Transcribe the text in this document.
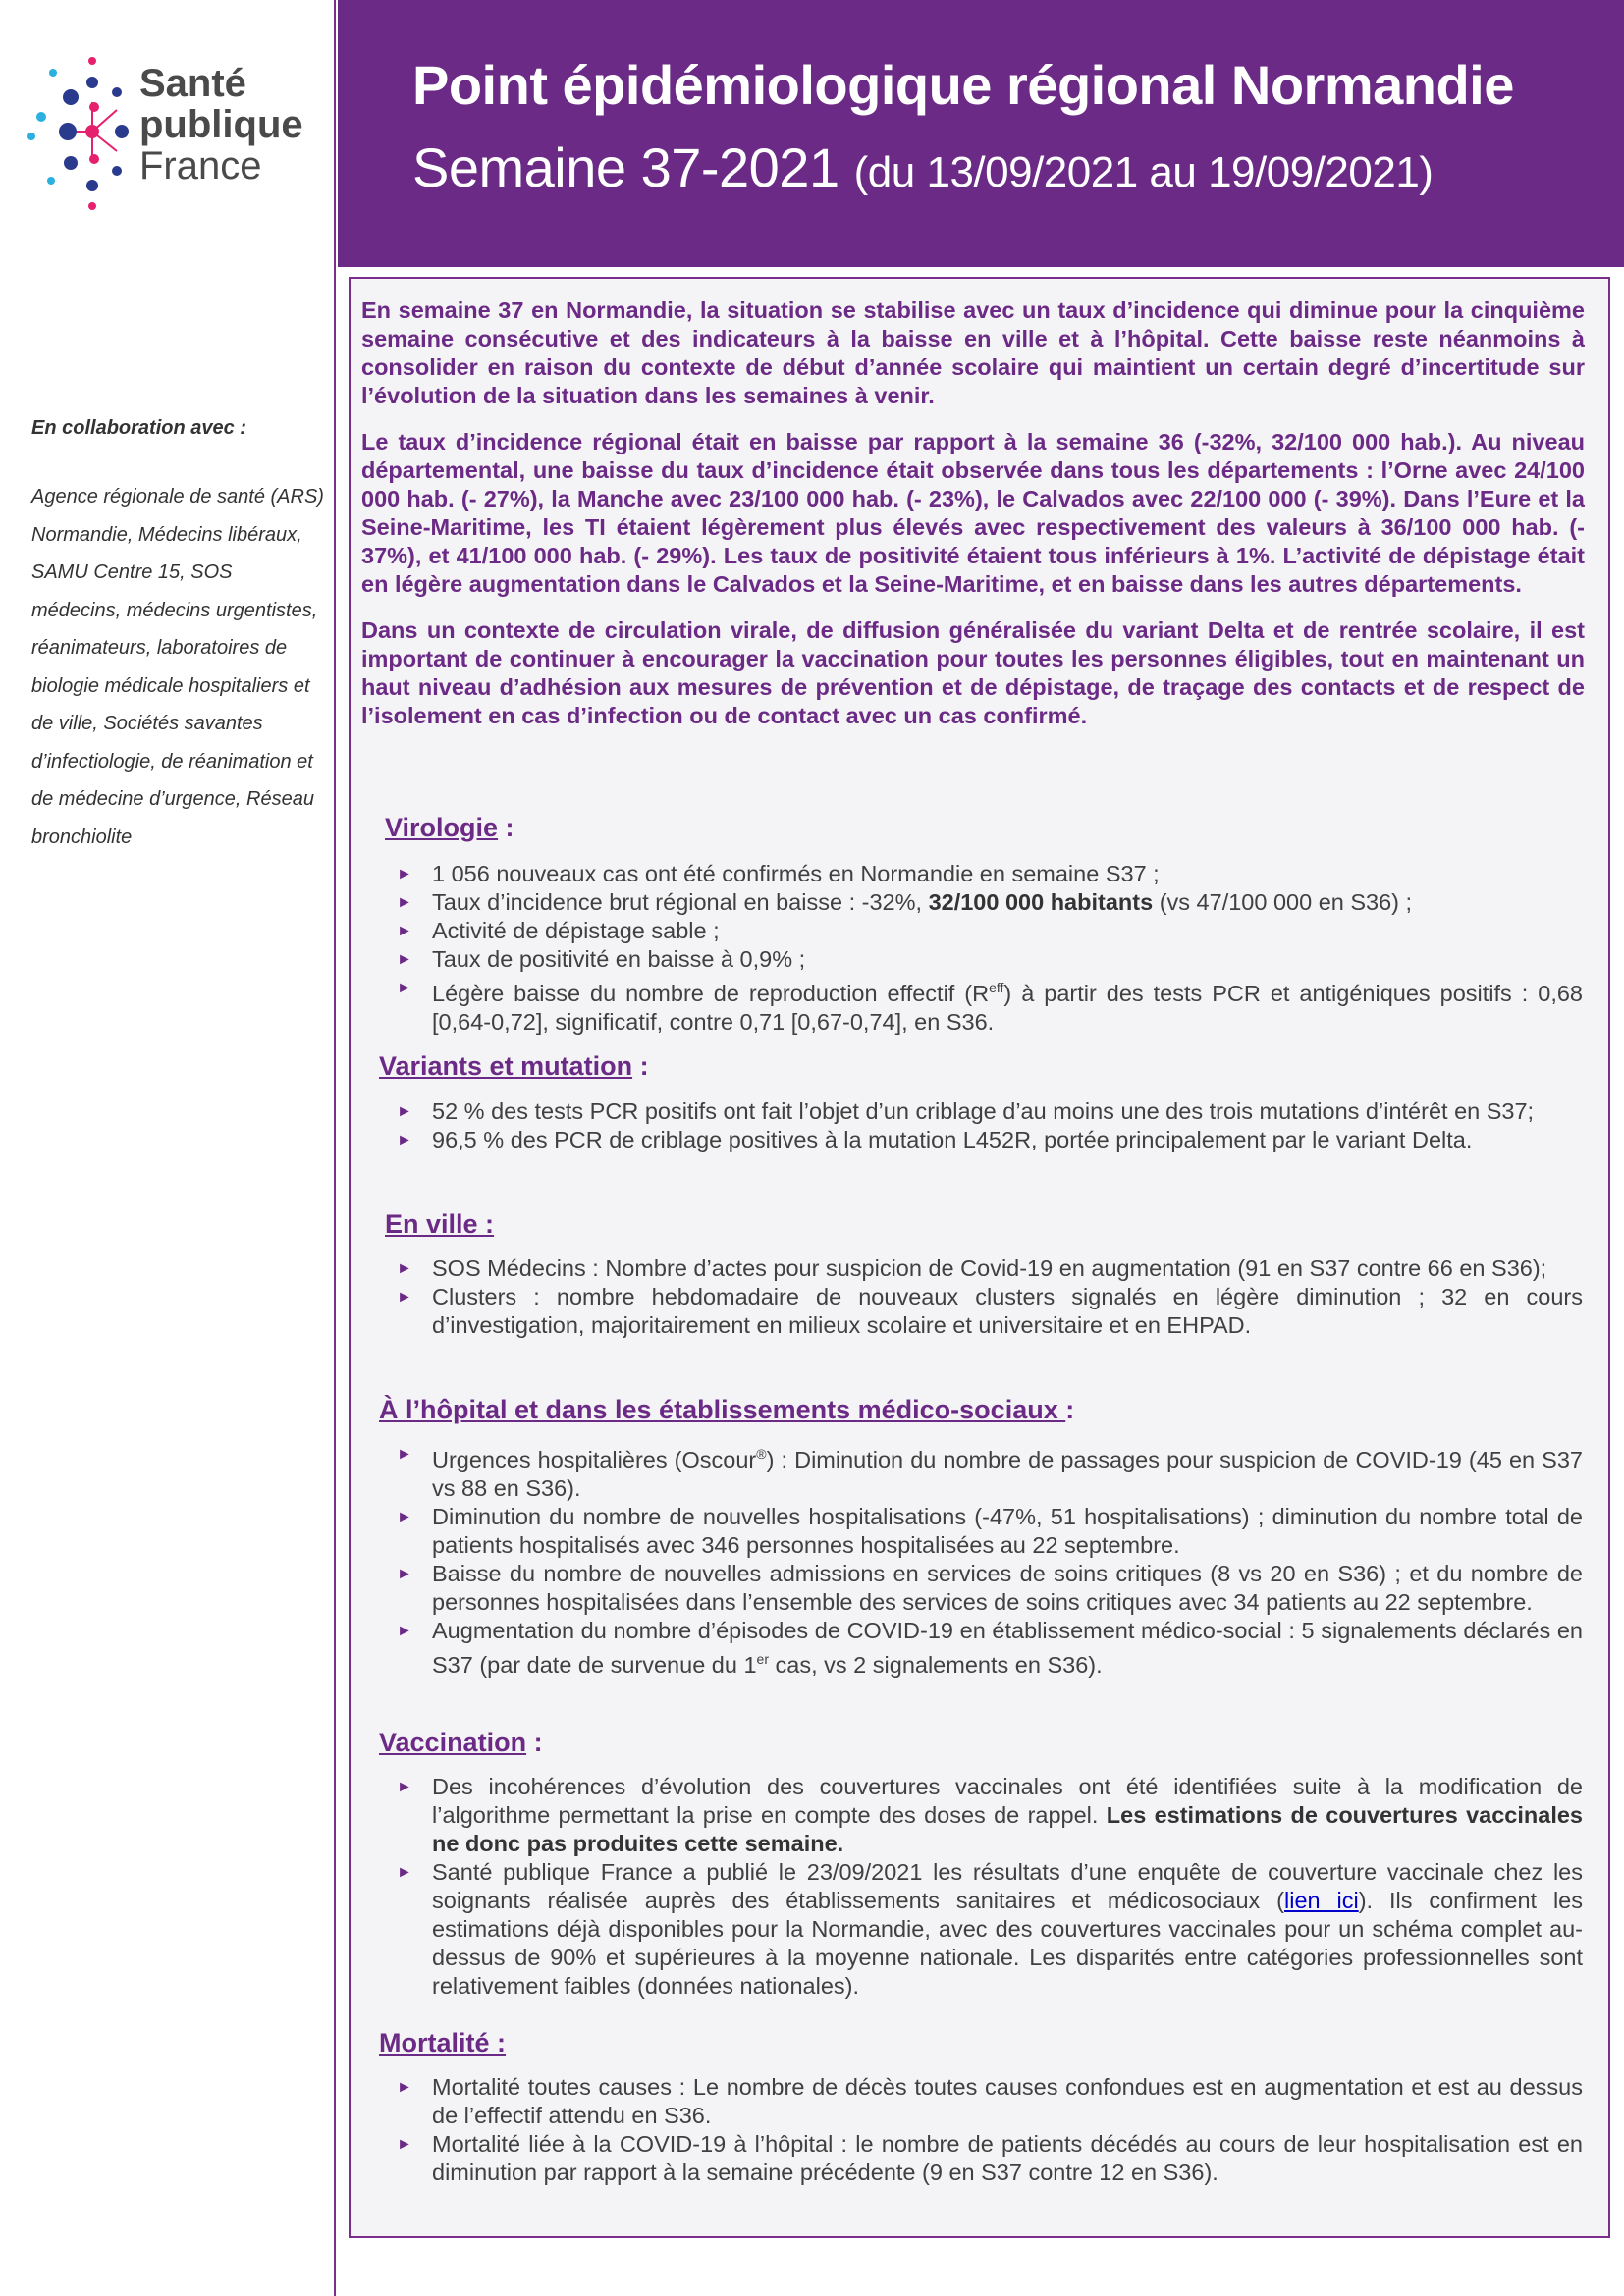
Santé
publique
France
En collaboration avec :
Agence régionale de santé (ARS) Normandie, Médecins libéraux, SAMU Centre 15, SOS médecins, médecins urgentistes, réanimateurs, laboratoires de biologie médicale hospitaliers et de ville, Sociétés savantes d’infectiologie, de réanimation et de médecine d’urgence, Réseau bronchiolite
Point épidémiologique régional Normandie
Semaine 37-2021 (du 13/09/2021 au 19/09/2021)

En semaine 37 en Normandie, la situation se stabilise avec un taux d’incidence qui diminue pour la cinquième semaine consécutive et des indicateurs à la baisse en ville et à l’hôpital. Cette baisse reste néanmoins à consolider en raison du contexte de début d’année scolaire qui maintient un certain degré d’incertitude sur l’évolution de la situation dans les semaines à venir.

Le taux d’incidence régional était en baisse par rapport à la semaine 36 (-32%, 32/100 000 hab.). Au niveau départemental, une baisse du taux d’incidence était observée dans tous les départements : l’Orne avec 24/100 000 hab. (- 27%), la Manche avec 23/100 000 hab. (- 23%), le Calvados avec 22/100 000 (- 39%). Dans l’Eure et la Seine-Maritime, les TI étaient légèrement plus élevés avec respectivement des valeurs à 36/100 000 hab. (- 37%), et 41/100 000 hab. (- 29%). Les taux de positivité étaient tous inférieurs à 1%. L’activité de dépistage était en légère augmentation dans le Calvados et la Seine-Maritime, et en baisse dans les autres départements.

Dans un contexte de circulation virale, de diffusion généralisée du variant Delta et de rentrée scolaire, il est important de continuer à encourager la vaccination pour toutes les personnes éligibles, tout en maintenant un haut niveau d’adhésion aux mesures de prévention et de dépistage, de traçage des contacts et de respect de l’isolement en cas d’infection ou de contact avec un cas confirmé.

Virologie :
► 1 056 nouveaux cas ont été confirmés en Normandie en semaine S37 ;
► Taux d’incidence brut régional en baisse : -32%, 32/100 000 habitants (vs 47/100 000 en S36) ;
► Activité de dépistage sable ;
► Taux de positivité en baisse à 0,9% ;
► Légère baisse du nombre de reproduction effectif $(R^{eff})$ à partir des tests PCR et antigéniques positifs : 0,68 [0,64-0,72], significatif, contre 0,71 [0,67-0,74], en S36.
Variants et mutation :
► 52 % des tests PCR positifs ont fait l’objet d’un criblage d’au moins une des trois mutations d’intérêt en S37;
► 96,5 % des PCR de criblage positives à la mutation L452R, portée principalement par le variant Delta.
En ville :
► SOS Médecins : Nombre d’actes pour suspicion de Covid-19 en augmentation (91 en S37 contre 66 en S36);
► Clusters : nombre hebdomadaire de nouveaux clusters signalés en légère diminution ; 32 en cours d’investigation, majoritairement en milieux scolaire et universitaire et en EHPAD.
À l’hôpital et dans les établissements médico-sociaux :
► Urgences hospitalières (Oscour®) : Diminution du nombre de passages pour suspicion de COVID-19 (45 en S37 vs 88 en S36).
► Diminution du nombre de nouvelles hospitalisations (-47%, 51 hospitalisations) ; diminution du nombre total de patients hospitalisés avec 346 personnes hospitalisées au 22 septembre.
► Baisse du nombre de nouvelles admissions en services de soins critiques (8 vs 20 en S36) ; et du nombre de personnes hospitalisées dans l’ensemble des services de soins critiques avec 34 patients au 22 septembre.
► Augmentation du nombre d’épisodes de COVID-19 en établissement médico-social : 5 signalements déclarés en S37 (par date de survenue du 1er cas, vs 2 signalements en S36).
Vaccination :
► Des incohérences d’évolution des couvertures vaccinales ont été identifiées suite à la modification de l’algorithme permettant la prise en compte des doses de rappel. Les estimations de couvertures vaccinales ne donc pas produites cette semaine.
► Santé publique France a publié le 23/09/2021 les résultats d’une enquête de couverture vaccinale chez les soignants réalisée auprès des établissements sanitaires et médicosociaux (lien ici). Ils confirment les estimations déjà disponibles pour la Normandie, avec des couvertures vaccinales pour un schéma complet au-dessus de 90% et supérieures à la moyenne nationale. Les disparités entre catégories professionnelles sont relativement faibles (données nationales).
Mortalité :
► Mortalité toutes causes : Le nombre de décès toutes causes confondues est en augmentation et est au dessus de l’effectif attendu en S36.
► Mortalité liée à la COVID-19 à l’hôpital : le nombre de patients décédés au cours de leur hospitalisation est en diminution par rapport à la semaine précédente (9 en S37 contre 12 en S36).
